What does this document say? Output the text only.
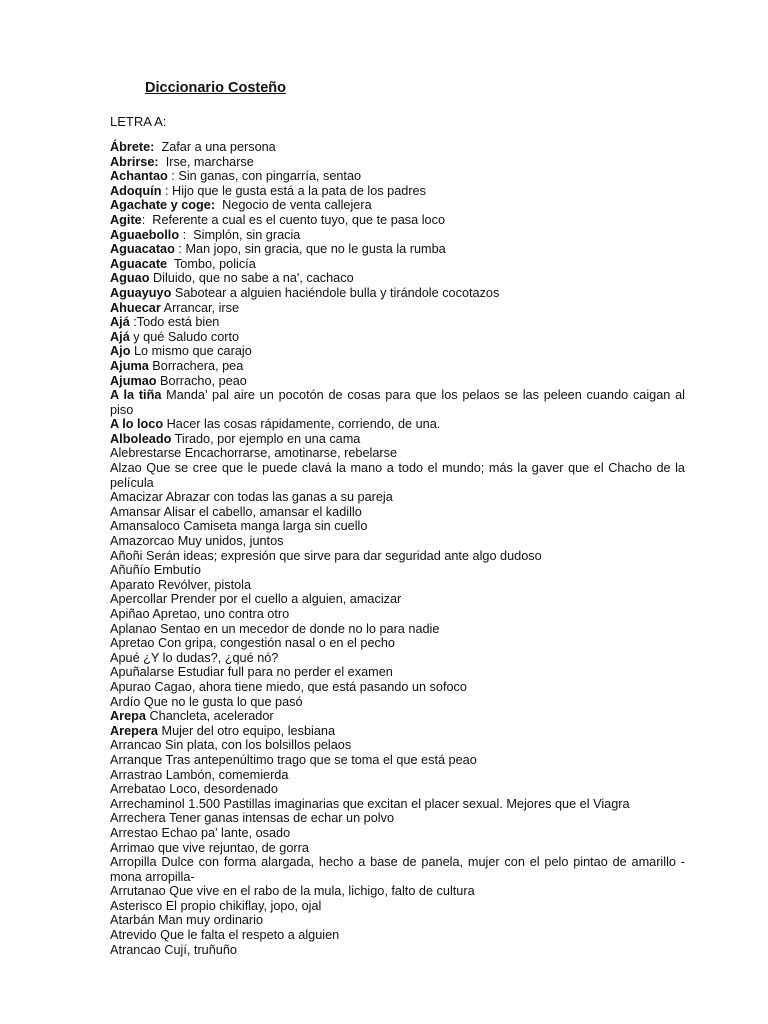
Diccionario Costeño
LETRA A:

Ábrete:  Zafar a una persona

Abrirse:  Irse, marcharse

Achantao : Sin ganas, con pingarría, sentao

Adoquín : Hijo que le gusta está a la pata de los padres

Agachate y coge:  Negocio de venta callejera

Agite:  Referente a cual es el cuento tuyo, que te pasa loco

Aguaebollo :  Simplón, sin gracia

Aguacatao : Man jopo, sin gracia, que no le gusta la rumba

Aguacate  Tombo, policía

Aguao Diluido, que no sabe a na', cachaco

Aguayuyo Sabotear a alguien haciéndole bulla y tirándole cocotazos

Ahuecar Arrancar, irse

Ajá :Todo está bien

Ajá y qué Saludo corto

Ajo Lo mismo que carajo

Ajuma Borrachera, pea

Ajumao Borracho, peao

A la tiña Manda’ pal aire un pocotón de cosas para que los pelaos se las peleen cuando caigan al piso

A lo loco Hacer las cosas rápidamente, corriendo, de una.

Alboleado Tirado, por ejemplo en una cama

Alebrestarse Encachorrarse, amotinarse, rebelarse

Alzao Que se cree que le puede clavá la mano a todo el mundo; más la gaver que el Chacho de la película

Amacizar Abrazar con todas las ganas a su pareja

Amansar Alisar el cabello, amansar el kadillo

Amansaloco Camiseta manga larga sin cuello

Amazorcao Muy unidos, juntos

Añoñi Serán ideas; expresión que sirve para dar seguridad ante algo dudoso

Añuñío Embutío

Aparato Revólver, pistola

Apercollar Prender por el cuello a alguien, amacizar

Apiñao Apretao, uno contra otro

Aplanao Sentao en un mecedor de donde no lo para nadie

Apretao Con gripa, congestión nasal o en el pecho

Apué ¿Y lo dudas?, ¿qué nó?

Apuñalarse Estudiar full para no perder el examen

Apurao Cagao, ahora tiene miedo, que está pasando un sofoco

Ardío Que no le gusta lo que pasó

Arepa Chancleta, acelerador

Arepera Mujer del otro equipo, lesbiana

Arrancao Sin plata, con los bolsillos pelaos

Arranque Tras antepenúltimo trago que se toma el que está peao

Arrastrao Lambón, comemierda

Arrebatao Loco, desordenado

Arrechaminol 1.500 Pastillas imaginarias que excitan el placer sexual. Mejores que el Viagra

Arrechera Tener ganas intensas de echar un polvo

Arrestao Echao pa' lante, osado

Arrimao que vive rejuntao, de gorra

Arropilla Dulce con forma alargada, hecho a base de panela, mujer con el pelo pintao de amarillo -mona arropilla-

Arrutanao Que vive en el rabo de la mula, lichigo, falto de cultura

Asterisco El propio chikiflay, jopo, ojal

Atarbán Man muy ordinario

Atrevido Que le falta el respeto a alguien

Atrancao Cují, truñuño
